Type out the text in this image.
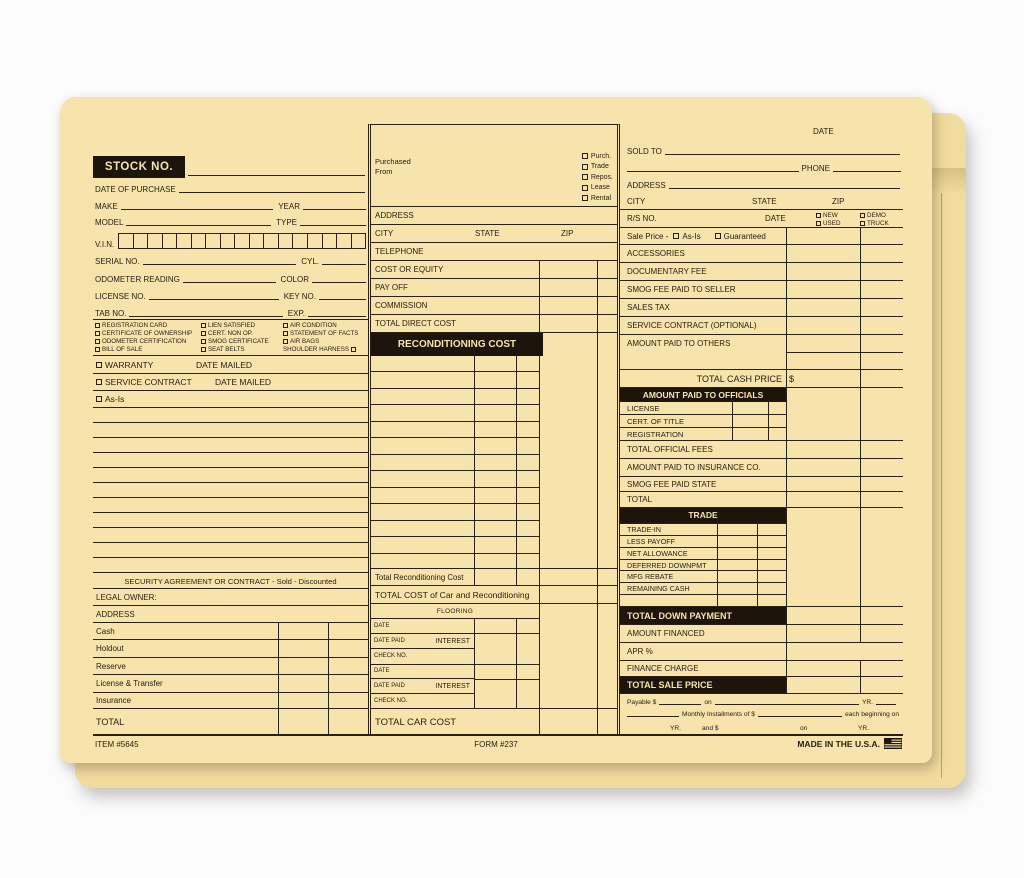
STOCK NO.
DATE OF PURCHASE
MAKE	YEAR
MODEL	TYPE
V.I.N.
SERIAL NO.	CYL.
ODOMETER READING	COLOR
LICENSE NO.	KEY NO.
TAB NO.	EXP.
REGISTRATION CARD
CERTIFICATE OF OWNERSHIP
ODOMETER CERTIFICATION
BILL OF SALE
LIEN SATISFIED
CERT. NON OP.
SMOG CERTIFICATE
SEAT BELTS
AIR CONDITION
STATEMENT OF FACTS
AIR BAGS
SHOULDER HARNESS
WARRANTY	DATE MAILED
SERVICE CONTRACT	DATE MAILED
As-Is
SECURITY AGREEMENT OR CONTRACT - Sold - Discounted
LEGAL OWNER:
ADDRESS
Cash
Holdout
Reserve
License & Transfer
Insurance
TOTAL
Purchased From
Purch.
Trade
Repos.
Lease
Rental
ADDRESS
CITY	STATE	ZIP
TELEPHONE
COST OR EQUITY
PAY OFF
COMMISSION
TOTAL DIRECT COST
RECONDITIONING COST
Total Reconditioning Cost
TOTAL COST of Car and Reconditioning
FLOORING
DATE
DATE PAID	INTEREST
CHECK NO.
DATE
DATE PAID	INTEREST
CHECK NO.
TOTAL CAR COST
DATE
SOLD TO
PHONE
ADDRESS
CITY	STATE	ZIP
R/S NO.	DATE	NEW
USED
DEMO
TRUCK
Sale Price - As-Is	Guaranteed
ACCESSORIES
DOCUMENTARY FEE
SMOG FEE PAID TO SELLER
SALES TAX
SERVICE CONTRACT (OPTIONAL)
AMOUNT PAID TO OTHERS
TOTAL CASH PRICE $
AMOUNT PAID TO OFFICIALS
LICENSE
CERT. OF TITLE
REGISTRATION
TOTAL OFFICIAL FEES
AMOUNT PAID TO INSURANCE CO.
SMOG FEE PAID STATE
TOTAL
TRADE
TRADE-IN
LESS PAYOFF
NET ALLOWANCE
DEFERRED DOWNPMT
MFG REBATE
REMAINING CASH
TOTAL DOWN PAYMENT
AMOUNT FINANCED
APR %
FINANCE CHARGE
TOTAL SALE PRICE
Payable $	on	YR.
Monthly Installments of $	each beginning on
YR.	and $	on	YR.
ITEM #5645	FORM #237	MADE IN THE U.S.A.
